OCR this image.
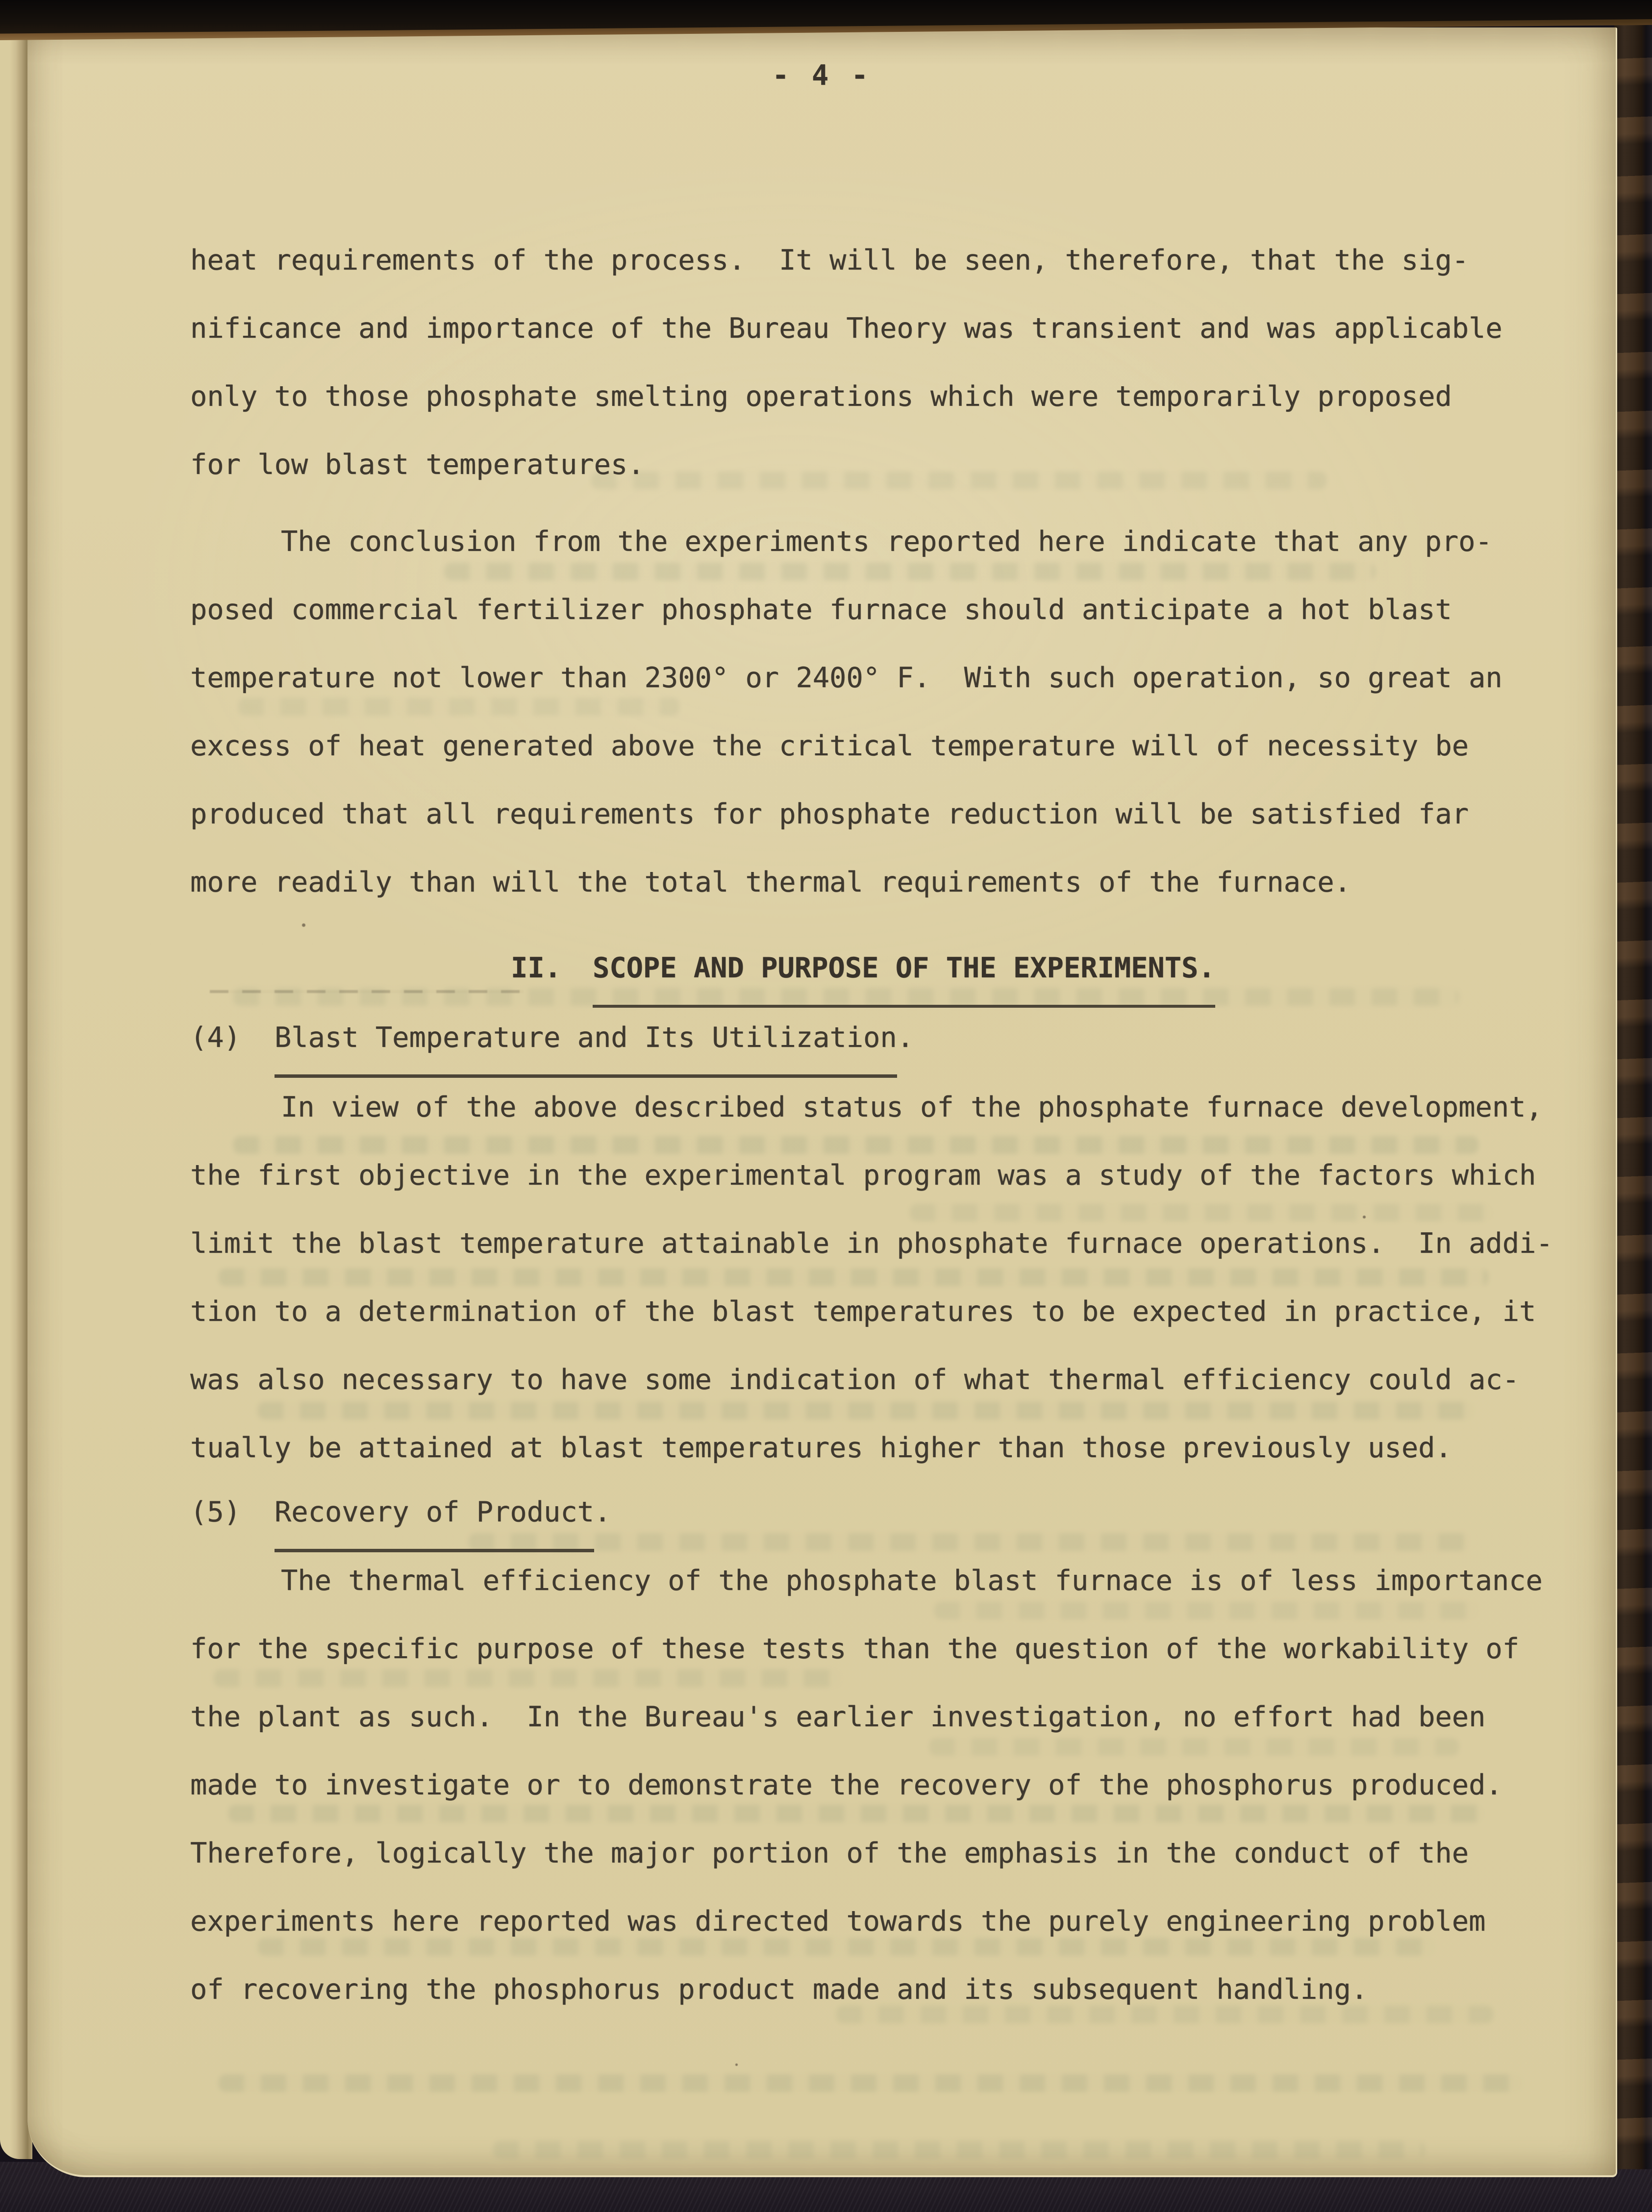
- 4 -
heat requirements of the process.  It will be seen, therefore, that the sig-
nificance and importance of the Bureau Theory was transient and was applicable
only to those phosphate smelting operations which were temporarily proposed
for low blast temperatures.
The conclusion from the experiments reported here indicate that any pro-
posed commercial fertilizer phosphate furnace should anticipate a hot blast
temperature not lower than 2300° or 2400° F.  With such operation, so great an
excess of heat generated above the critical temperature will of necessity be
produced that all requirements for phosphate reduction will be satisfied far
more readily than will the total thermal requirements of the furnace.
II. SCOPE AND PURPOSE OF THE EXPERIMENTS.
(4) Blast Temperature and Its Utilization.
In view of the above described status of the phosphate furnace development,
the first objective in the experimental program was a study of the factors which
limit the blast temperature attainable in phosphate furnace operations.  In addi-
tion to a determination of the blast temperatures to be expected in practice, it
was also necessary to have some indication of what thermal efficiency could ac-
tually be attained at blast temperatures higher than those previously used.
(5) Recovery of Product.
The thermal efficiency of the phosphate blast furnace is of less importance
for the specific purpose of these tests than the question of the workability of
the plant as such.  In the Bureau's earlier investigation, no effort had been
made to investigate or to demonstrate the recovery of the phosphorus produced.
Therefore, logically the major portion of the emphasis in the conduct of the
experiments here reported was directed towards the purely engineering problem
of recovering the phosphorus product made and its subsequent handling.
